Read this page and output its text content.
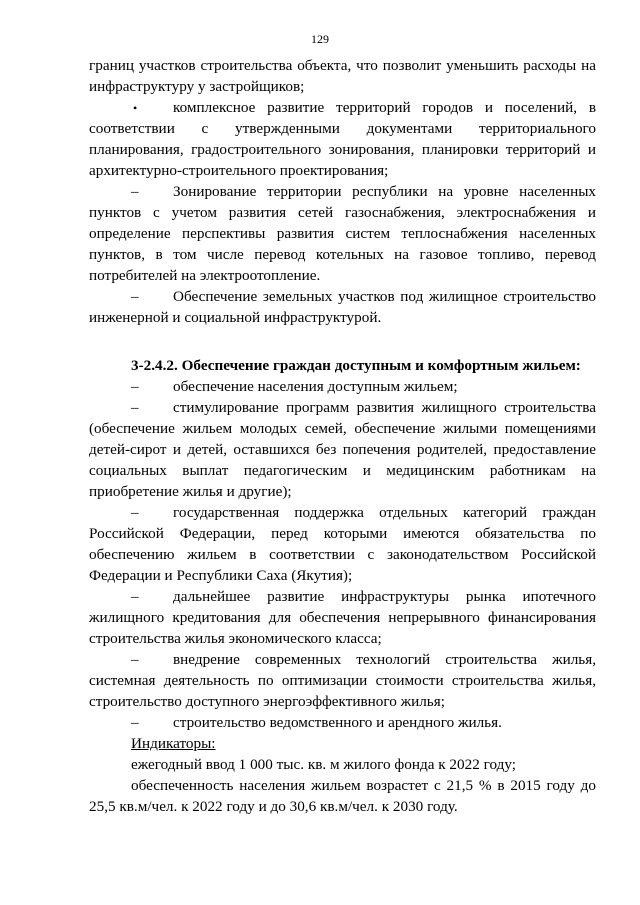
129
границ участков строительства объекта, что позволит уменьшить расходы на
инфраструктуру у застройщиков;
•	комплексное развитие территорий городов и поселений, в
соответствии с утвержденными документами территориального
планирования, градостроительного зонирования, планировки территорий и
архитектурно-строительного проектирования;
–	Зонирование территории республики на уровне населенных
пунктов с учетом развития сетей газоснабжения, электроснабжения и
определение перспективы развития систем теплоснабжения населенных
пунктов, в том числе перевод котельных на газовое топливо, перевод
потребителей на электроотопление.
–	Обеспечение земельных участков под жилищное строительство
инженерной и социальной инфраструктурой.
3-2.4.2. Обеспечение граждан доступным и комфортным жильем:
–	обеспечение населения доступным жильем;
–	стимулирование программ развития жилищного строительства
(обеспечение жильем молодых семей, обеспечение жилыми помещениями
детей-сирот и детей, оставшихся без попечения родителей, предоставление
социальных выплат педагогическим и медицинским работникам на
приобретение жилья и другие);
–	государственная поддержка отдельных категорий граждан
Российской Федерации, перед которыми имеются обязательства по
обеспечению жильем в соответствии с законодательством Российской
Федерации и Республики Саха (Якутия);
–	дальнейшее развитие инфраструктуры рынка ипотечного
жилищного кредитования для обеспечения непрерывного финансирования
строительства жилья экономического класса;
–	внедрение современных технологий строительства жилья,
системная деятельность по оптимизации стоимости строительства жилья,
строительство доступного энергоэффективного жилья;
–	строительство ведомственного и арендного жилья.
Индикаторы:
ежегодный ввод 1 000 тыс. кв. м жилого фонда к 2022 году;
обеспеченность населения жильем возрастет с 21,5 % в 2015 году до
25,5 кв.м/чел. к 2022 году и до 30,6 кв.м/чел. к 2030 году.
